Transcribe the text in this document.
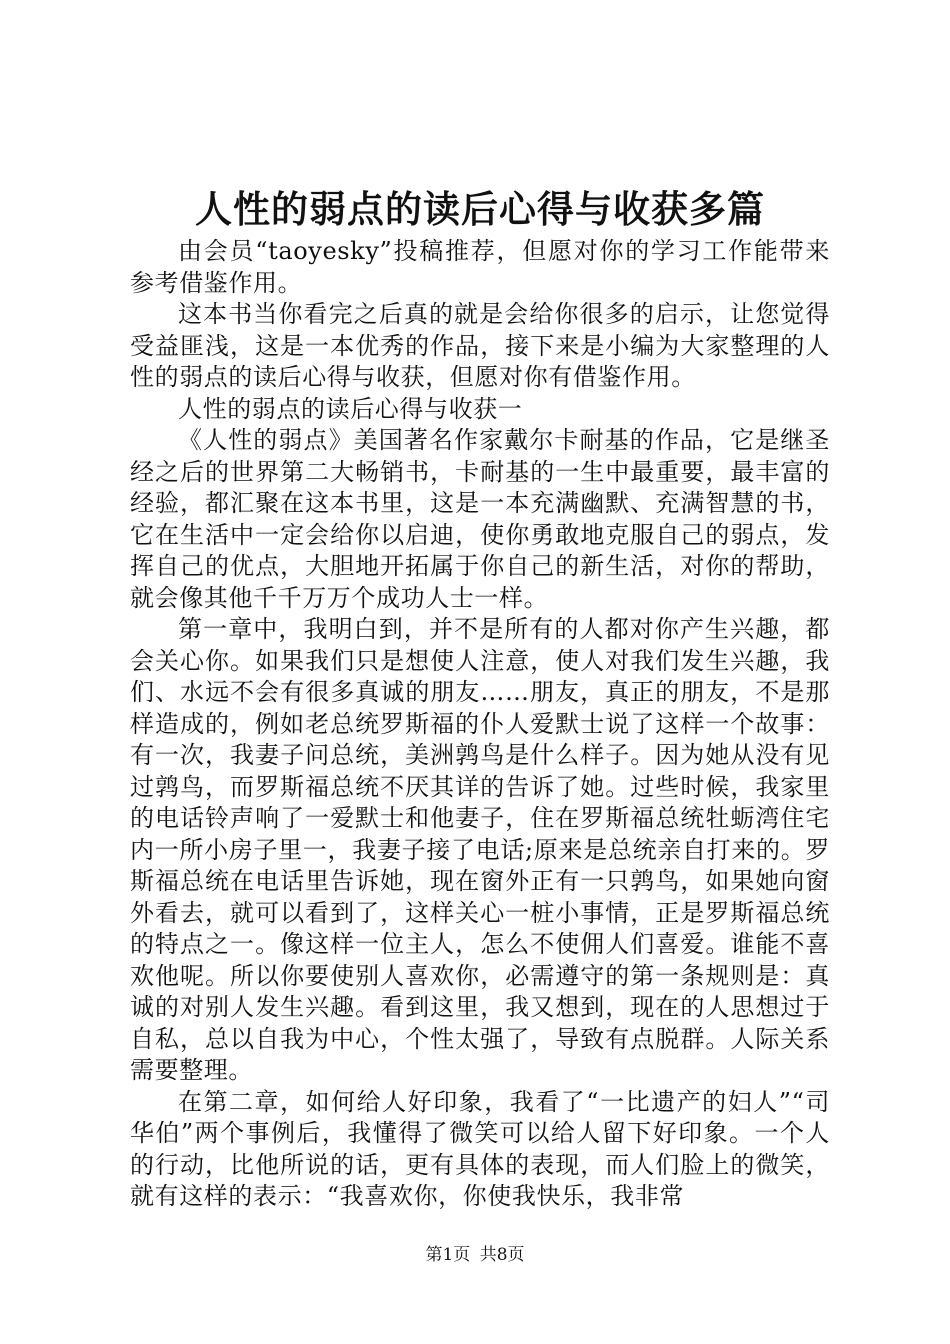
人性的弱点的读后心得与收获多篇

由会员“taoyesky”投稿推荐，但愿对你的学习工作能带来参考借鉴作用。

这本书当你看完之后真的就是会给你很多的启示，让您觉得受益匪浅，这是一本优秀的作品，接下来是小编为大家整理的人性的弱点的读后心得与收获，但愿对你有借鉴作用。

人性的弱点的读后心得与收获一

《人性的弱点》美国著名作家戴尔卡耐基的作品，它是继圣经之后的世界第二大畅销书，卡耐基的一生中最重要，最丰富的经验，都汇聚在这本书里，这是一本充满幽默、充满智慧的书，它在生活中一定会给你以启迪，使你勇敢地克服自己的弱点，发挥自己的优点，大胆地开拓属于你自己的新生活，对你的帮助，就会像其他千千万万个成功人士一样。

第一章中，我明白到，并不是所有的人都对你产生兴趣，都会关心你。如果我们只是想使人注意，使人对我们发生兴趣，我们、水远不会有很多真诚的朋友……朋友，真正的朋友，不是那样造成的，例如老总统罗斯福的仆人爱默士说了这样一个故事：有一次，我妻子问总统，美洲鹑鸟是什么样子。因为她从没有见过鹑鸟，而罗斯福总统不厌其详的告诉了她。过些时候，我家里的电话铃声响了一爱默士和他妻子，住在罗斯福总统牡蛎湾住宅内一所小房子里一，我妻子接了电话;原来是总统亲自打来的。罗斯福总统在电话里告诉她，现在窗外正有一只鹑鸟，如果她向窗外看去，就可以看到了，这样关心一桩小事情，正是罗斯福总统的特点之一。像这样一位主人，怎么不使佣人们喜爱。谁能不喜欢他呢。所以你要使别人喜欢你，必需遵守的第一条规则是：真诚的对别人发生兴趣。看到这里，我又想到，现在的人思想过于自私，总以自我为中心，个性太强了，导致有点脱群。人际关系需要整理。

在第二章，如何给人好印象，我看了“一比遗产的妇人”“司华伯”两个事例后，我懂得了微笑可以给人留下好印象。一个人的行动，比他所说的话，更有具体的表现，而人们脸上的微笑，就有这样的表示：“我喜欢你，你使我快乐，我非常

第1页 共8页
